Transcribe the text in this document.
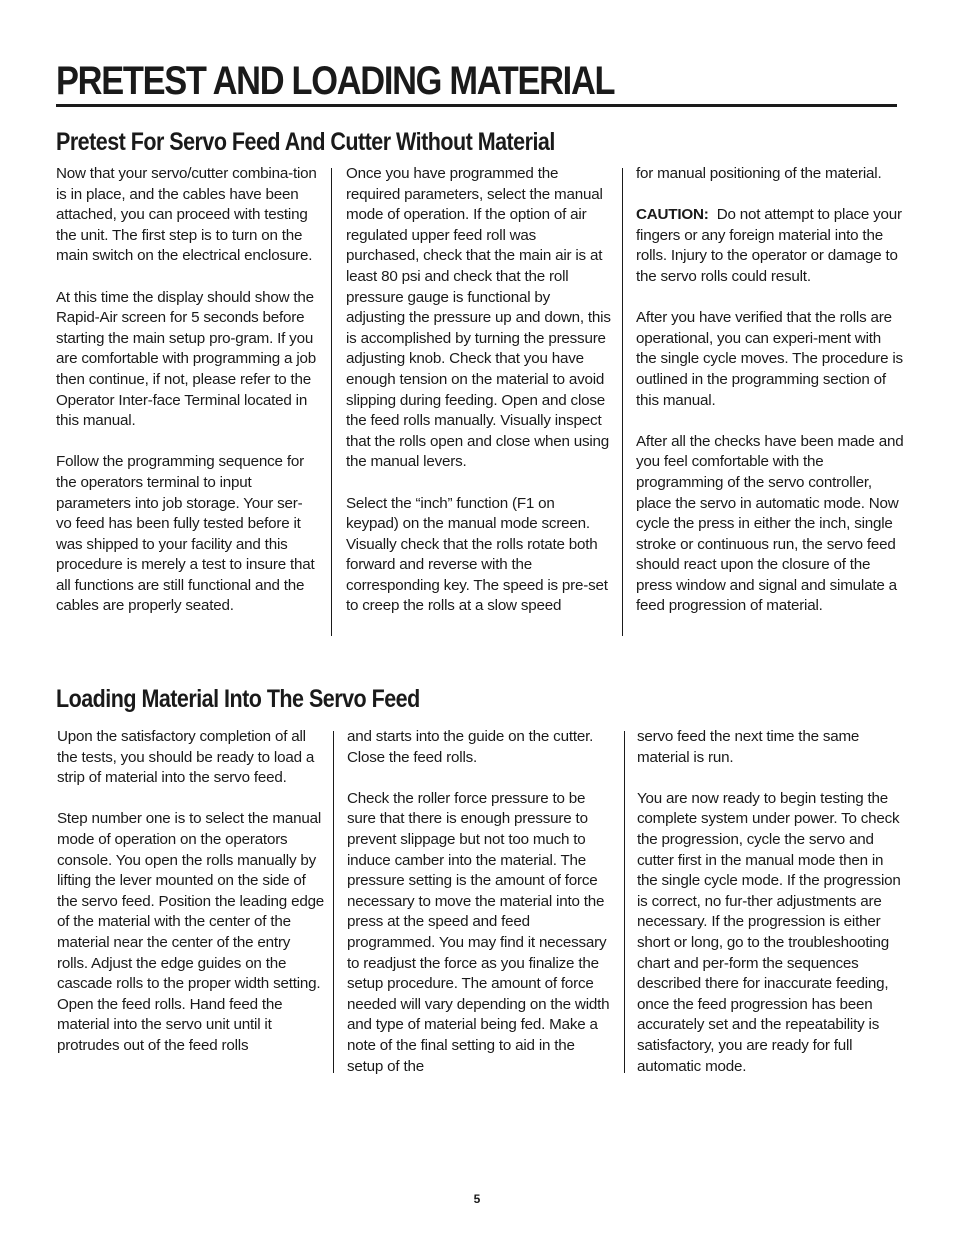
PRETEST AND LOADING MATERIAL
Pretest For Servo Feed And Cutter Without Material

Now that your servo/cutter combina-tion is in place, and the cables have been attached, you can proceed with testing the unit. The first step is to turn on the main switch on the electrical enclosure.

At this time the display should show the Rapid-Air screen for 5 seconds before starting the main setup pro-gram. If you are comfortable with programming a job then continue, if not, please refer to the Operator Inter-face Terminal located in this manual.

Follow the programming sequence for the operators terminal to input parameters into job storage. Your ser-vo feed has been fully tested before it was shipped to your facility and this procedure is merely a test to insure that all functions are still functional and the cables are properly seated.

Once you have programmed the required parameters, select the manual mode of operation. If the option of air regulated upper feed roll was purchased, check that the main air is at least 80 psi and check that the roll pressure gauge is functional by adjusting the pressure up and down, this is accomplished by turning the pressure adjusting knob. Check that you have enough tension on the material to avoid slipping during feeding. Open and close the feed rolls manually. Visually inspect that the rolls open and close when using the manual levers.

Select the “inch” function (F1 on keypad) on the manual mode screen. Visually check that the rolls rotate both forward and reverse with the corresponding key. The speed is pre-set to creep the rolls at a slow speed

for manual positioning of the material.

CAUTION: Do not attempt to place your fingers or any foreign material into the rolls. Injury to the operator or damage to the servo rolls could result.

After you have verified that the rolls are operational, you can experi-ment with the single cycle moves. The procedure is outlined in the programming section of this manual.

After all the checks have been made and you feel comfortable with the programming of the servo controller, place the servo in automatic mode. Now cycle the press in either the inch, single stroke or continuous run, the servo feed should react upon the closure of the press window and signal and simulate a feed progression of material.

Loading Material Into The Servo Feed

Upon the satisfactory completion of all the tests, you should be ready to load a strip of material into the servo feed.

Step number one is to select the manual mode of operation on the operators console. You open the rolls manually by lifting the lever mounted on the side of the servo feed. Position the leading edge of the material with the center of the material near the center of the entry rolls. Adjust the edge guides on the cascade rolls to the proper width setting. Open the feed rolls. Hand feed the material into the servo unit until it protrudes out of the feed rolls

and starts into the guide on the cutter. Close the feed rolls.

Check the roller force pressure to be sure that there is enough pressure to prevent slippage but not too much to induce camber into the material. The pressure setting is the amount of force necessary to move the material into the press at the speed and feed programmed. You may find it necessary to readjust the force as you finalize the setup procedure. The amount of force needed will vary depending on the width and type of material being fed. Make a note of the final setting to aid in the setup of the

servo feed the next time the same material is run.

You are now ready to begin testing the complete system under power. To check the progression, cycle the servo and cutter first in the manual mode then in the single cycle mode. If the progression is correct, no fur-ther adjustments are necessary. If the progression is either short or long, go to the troubleshooting chart and per-form the sequences described there for inaccurate feeding, once the feed progression has been accurately set and the repeatability is satisfactory, you are ready for full automatic mode.

5
